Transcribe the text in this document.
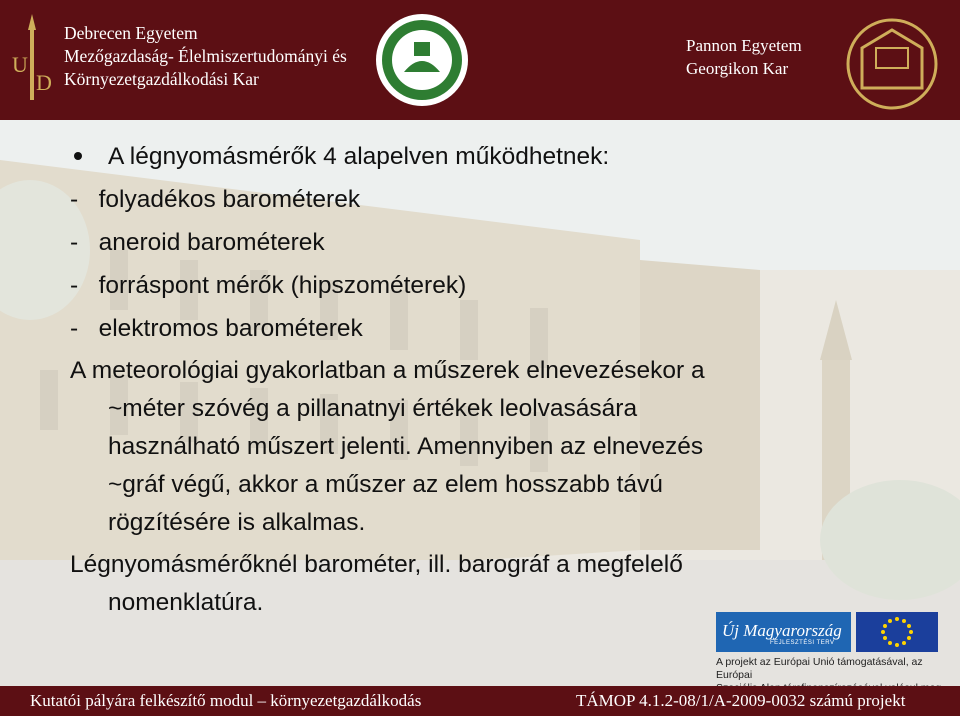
U
D
Debrecen Egyetem
Mezőgazdaság- Élelmiszertudományi és
Környezetgazdálkodási Kar
Pannon Egyetem
Georgikon Kar
A légnyomásmérők 4 alapelven működhetnek:
-   folyadékos barométerek
-   aneroid barométerek
-   forráspont mérők (hipszométerek)
-   elektromos barométerek
A meteorológiai gyakorlatban a műszerek elnevezésekor a
~méter szóvég a pillanatnyi értékek leolvasására
használható műszert jelenti. Amennyiben az elnevezés
~gráf végű, akkor a műszer az elem hosszabb távú
rögzítésére is alkalmas.
Légnyomásmérőknél barométer, ill. barográf a megfelelő
nomenklatúra.
Új Magyarország
FEJLESZTÉSI TERV
A projekt az Európai Unió támogatásával, az Európai
Kutatói pályára felkészítő modul – környezetgazdálkodás	TÁMOP 4.1.2-08/1/A-2009-0032 számú projekt
